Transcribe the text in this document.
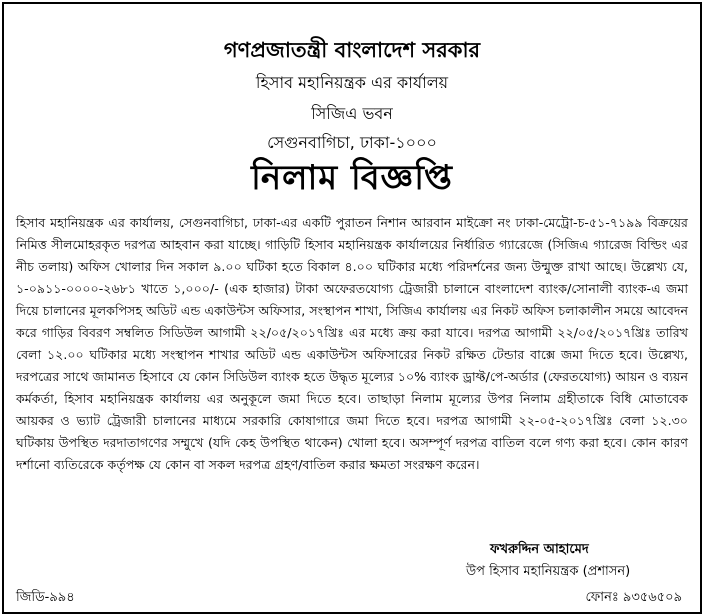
গণপ্রজাতন্ত্রী বাংলাদেশ সরকার
হিসাব মহানিয়ন্ত্রক এর কার্যালয়
সিজিএ ভবন
সেগুনবাগিচা, ঢাকা-১০০০
নিলাম বিজ্ঞপ্তি
হিসাব মহানিয়ন্ত্রক এর কার্যালয়, সেগুনবাগিচা, ঢাকা-এর একটি পুরাতন নিশান আরবান মাইক্রো নং ঢাকা-মেট্রো-চ-৫১-৭১৯৯ বিক্রয়ের নিমিত্ত সীলমোহরকৃত দরপত্র আহবান করা যাচ্ছে। গাড়িটি হিসাব মহানিয়ন্ত্রক কার্যালয়ের নির্ধারিত গ্যারেজে (সিজিএ গ্যারেজ বিল্ডিং এর নীচ তলায়) অফিস খোলার দিন সকাল ৯.০০ ঘটিকা হতে বিকাল ৪.০০ ঘটিকার মধ্যে পরিদর্শনের জন্য উন্মুক্ত রাখা আছে। উল্লেখ্য যে, ১-০৯১১-০০০০-২৬৮১ খাতে ১,০০০/- (এক হাজার) টাকা অফেরতযোগ্য ট্রেজারী চালানে বাংলাদেশ ব্যাংক/সোনালী ব্যাংক-এ জমা দিয়ে চালানের মূলকপিসহ অডিট এন্ড একাউন্টস অফিসার, সংস্থাপন শাখা, সিজিএ কার্যালয় এর নিকট অফিস চলাকালীন সময়ে আবেদন করে গাড়ির বিবরণ সম্বলিত সিডিউল আগামী ২২/০৫/২০১৭খ্রিঃ এর মধ্যে ক্রয় করা যাবে। দরপত্র আগামী ২২/০৫/২০১৭খ্রিঃ তারিখ বেলা ১২.০০ ঘটিকার মধ্যে সংস্থাপন শাখার অডিট এন্ড একাউন্টস অফিসারের নিকট রক্ষিত টেন্ডার বাক্সে জমা দিতে হবে। উল্লেখ্য, দরপত্রের সাথে জামানত হিসাবে যে কোন সিডিউল ব্যাংক হতে উদ্ধৃত মূল্যের ১০% ব্যাংক ড্রাফ্ট/পে-অর্ডার (ফেরতযোগ্য) আয়ন ও ব্যয়ন কর্মকর্তা, হিসাব মহানিয়ন্ত্রক কার্যালয় এর অনুকূলে জমা দিতে হবে। তাছাড়া নিলাম মূল্যের উপর নিলাম গ্রহীতাকে বিধি মোতাবেক আয়কর ও ভ্যাট ট্রেজারী চালানের মাধ্যমে সরকারি কোষাগারে জমা দিতে হবে। দরপত্র আগামী ২২-০৫-২০১৭খ্রিঃ বেলা ১২.৩০ ঘটিকায় উপস্থিত দরদাতাগণের সম্মুখে (যদি কেহ উপস্থিত থাকেন) খোলা হবে। অসম্পূর্ণ দরপত্র বাতিল বলে গণ্য করা হবে। কোন কারণ দর্শানো ব্যতিরেকে কর্তৃপক্ষ যে কোন বা সকল দরপত্র গ্রহণ/বাতিল করার ক্ষমতা সংরক্ষণ করেন।
ফখরুদ্দিন আহামেদ
উপ হিসাব মহানিয়ন্ত্রক (প্রশাসন)
জিডি-৯৯৪	ফোনঃ ৯৩৫৬৫০৯
